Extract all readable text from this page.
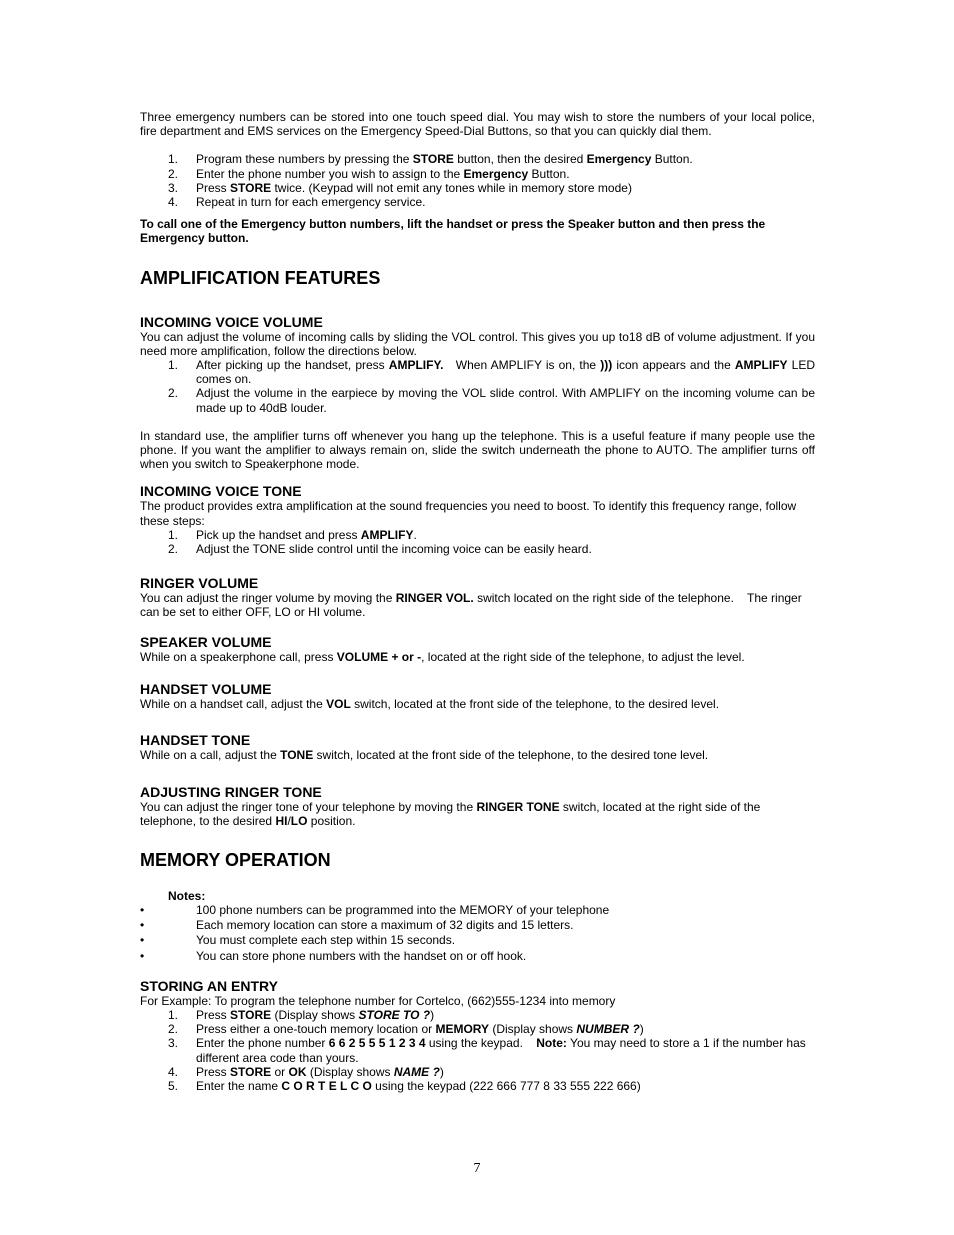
Three emergency numbers can be stored into one touch speed dial. You may wish to store the numbers of your local police, fire department and EMS services on the Emergency Speed-Dial Buttons, so that you can quickly dial them.

1.	Program these numbers by pressing the STORE button, then the desired Emergency Button.
2.	Enter the phone number you wish to assign to the Emergency Button.
3.	Press STORE twice. (Keypad will not emit any tones while in memory store mode)
4.	Repeat in turn for each emergency service.

To call one of the Emergency button numbers, lift the handset or press the Speaker button and then press the Emergency button.

AMPLIFICATION FEATURES
INCOMING VOICE VOLUME

You can adjust the volume of incoming calls by sliding the VOL control. This gives you up to18 dB of volume adjustment. If you need more amplification, follow the directions below.

1.	After picking up the handset, press AMPLIFY.   When AMPLIFY is on, the ))) icon appears and the AMPLIFY LED comes on.
2.	Adjust the volume in the earpiece by moving the VOL slide control. With AMPLIFY on the incoming volume can be made up to 40dB louder.

In standard use, the amplifier turns off whenever you hang up the telephone. This is a useful feature if many people use the phone. If you want the amplifier to always remain on, slide the switch underneath the phone to AUTO. The amplifier turns off when you switch to Speakerphone mode.

INCOMING VOICE TONE

The product provides extra amplification at the sound frequencies you need to boost. To identify this frequency range, follow these steps:

1.	Pick up the handset and press AMPLIFY.
2.	Adjust the TONE slide control until the incoming voice can be easily heard.
RINGER VOLUME

You can adjust the ringer volume by moving the RINGER VOL. switch located on the right side of the telephone.    The ringer can be set to either OFF, LO or HI volume.

SPEAKER VOLUME

While on a speakerphone call, press VOLUME + or -, located at the right side of the telephone, to adjust the level.

HANDSET VOLUME

While on a handset call, adjust the VOL switch, located at the front side of the telephone, to the desired level.

HANDSET TONE

While on a call, adjust the TONE switch, located at the front side of the telephone, to the desired tone level.

ADJUSTING RINGER TONE

You can adjust the ringer tone of your telephone by moving the RINGER TONE switch, located at the right side of the telephone, to the desired HI/LO position.

MEMORY OPERATION

Notes:

•	100 phone numbers can be programmed into the MEMORY of your telephone
•	Each memory location can store a maximum of 32 digits and 15 letters.
•	You must complete each step within 15 seconds.
•	You can store phone numbers with the handset on or off hook.
STORING AN ENTRY

For Example: To program the telephone number for Cortelco, (662)555-1234 into memory

1.	Press STORE (Display shows STORE TO ?)
2.	Press either a one-touch memory location or MEMORY (Display shows NUMBER ?)
3.	Enter the phone number 6 6 2 5 5 5 1 2 3 4 using the keypad.    Note: You may need to store a 1 if the number has different area code than yours.
4.	Press STORE or OK (Display shows NAME ?)
5.	Enter the name C O R T E L C O using the keypad (222 666 777 8 33 555 222 666)
7
